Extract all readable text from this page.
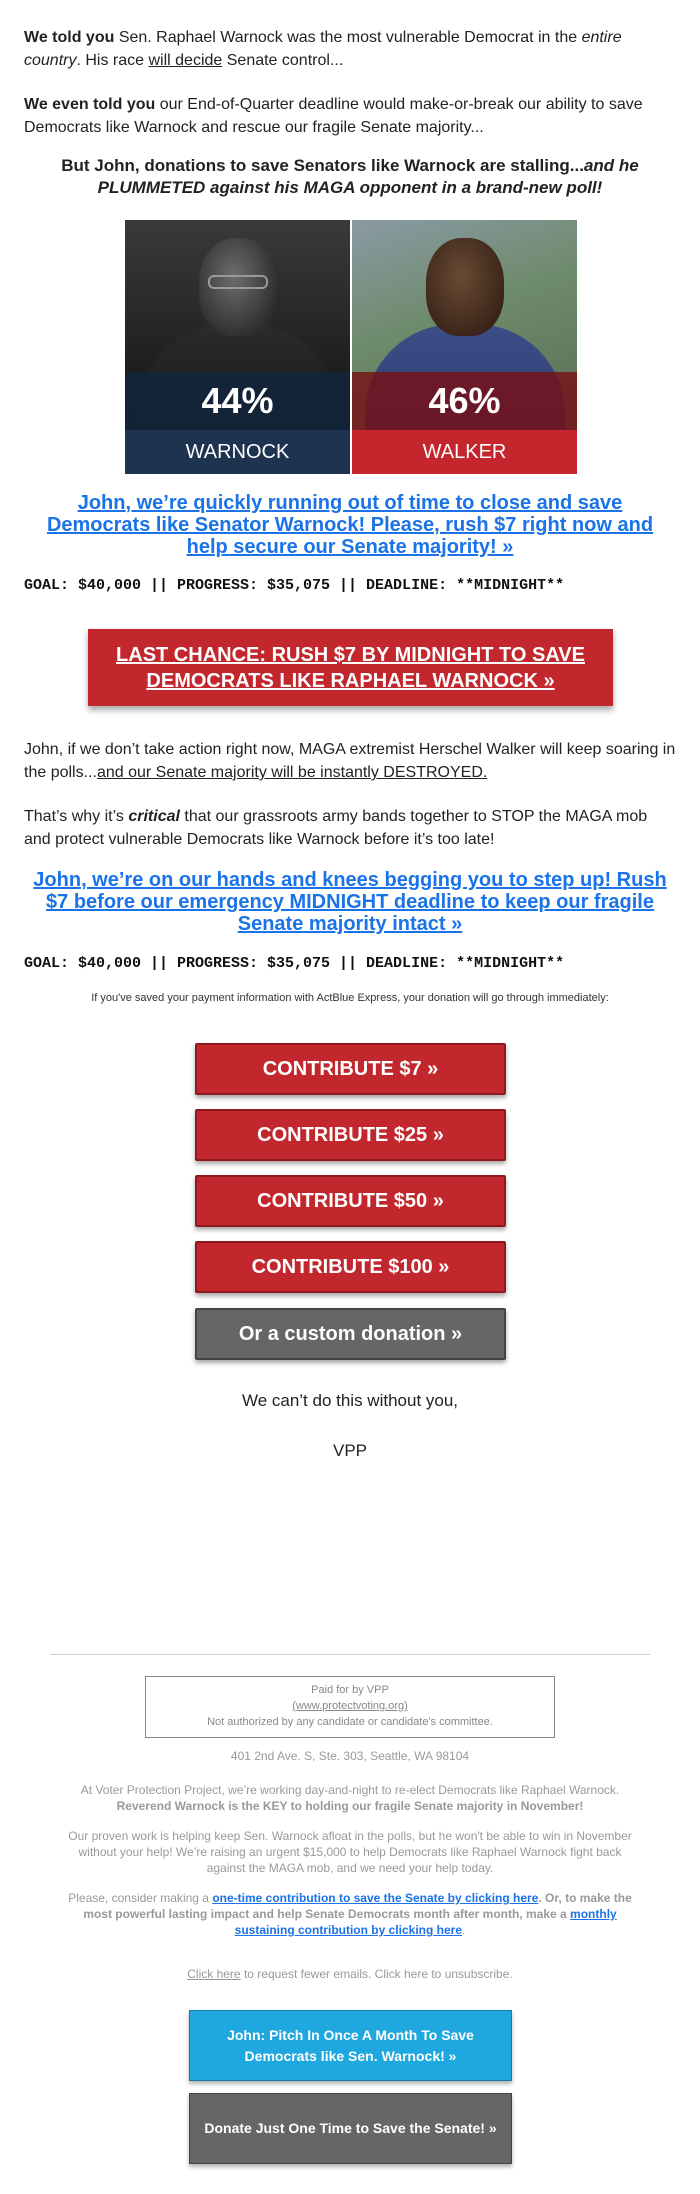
We told you Sen. Raphael Warnock was the most vulnerable Democrat in the entire country. His race will decide Senate control...

We even told you our End-of-Quarter deadline would make-or-break our ability to save Democrats like Warnock and rescue our fragile Senate majority...

But John, donations to save Senators like Warnock are stalling...and he PLUMMETED against his MAGA opponent in a brand-new poll!

44%
WARNOCK
46%
WALKER
John, we’re quickly running out of time to close and save Democrats like Senator Warnock! Please, rush $7 right now and help secure our Senate majority! »
GOAL: $40,000 || PROGRESS: $35,075 || DEADLINE: **MIDNIGHT**
LAST CHANCE: RUSH $7 BY MIDNIGHT TO SAVE DEMOCRATS LIKE RAPHAEL WARNOCK »

John, if we don’t take action right now, MAGA extremist Herschel Walker will keep soaring in the polls...and our Senate majority will be instantly DESTROYED.

That’s why it’s critical that our grassroots army bands together to STOP the MAGA mob and protect vulnerable Democrats like Warnock before it’s too late!

John, we’re on our hands and knees begging you to step up! Rush $7 before our emergency MIDNIGHT deadline to keep our fragile Senate majority intact »
GOAL: $40,000 || PROGRESS: $35,075 || DEADLINE: **MIDNIGHT**
If you've saved your payment information with ActBlue Express, your donation will go through immediately:
CONTRIBUTE $7 »
CONTRIBUTE $25 »
CONTRIBUTE $50 »
CONTRIBUTE $100 »
Or a custom donation »
We can’t do this without you,
VPP
Paid for by VPP
(www.protectvoting.org)
Not authorized by any candidate or candidate's committee.
401 2nd Ave. S, Ste. 303, Seattle, WA 98104

At Voter Protection Project, we’re working day-and-night to re-elect Democrats like Raphael Warnock. Reverend Warnock is the KEY to holding our fragile Senate majority in November!

Our proven work is helping keep Sen. Warnock afloat in the polls, but he won't be able to win in November without your help! We’re raising an urgent $15,000 to help Democrats like Raphael Warnock fight back against the MAGA mob, and we need your help today.

Please, consider making a one-time contribution to save the Senate by clicking here. Or, to make the most powerful lasting impact and help Senate Democrats month after month, make a monthly sustaining contribution by clicking here.

Click here to request fewer emails. Click here to unsubscribe.

John: Pitch In Once A Month To Save Democrats like Sen. Warnock! »
Donate Just One Time to Save the Senate! »
